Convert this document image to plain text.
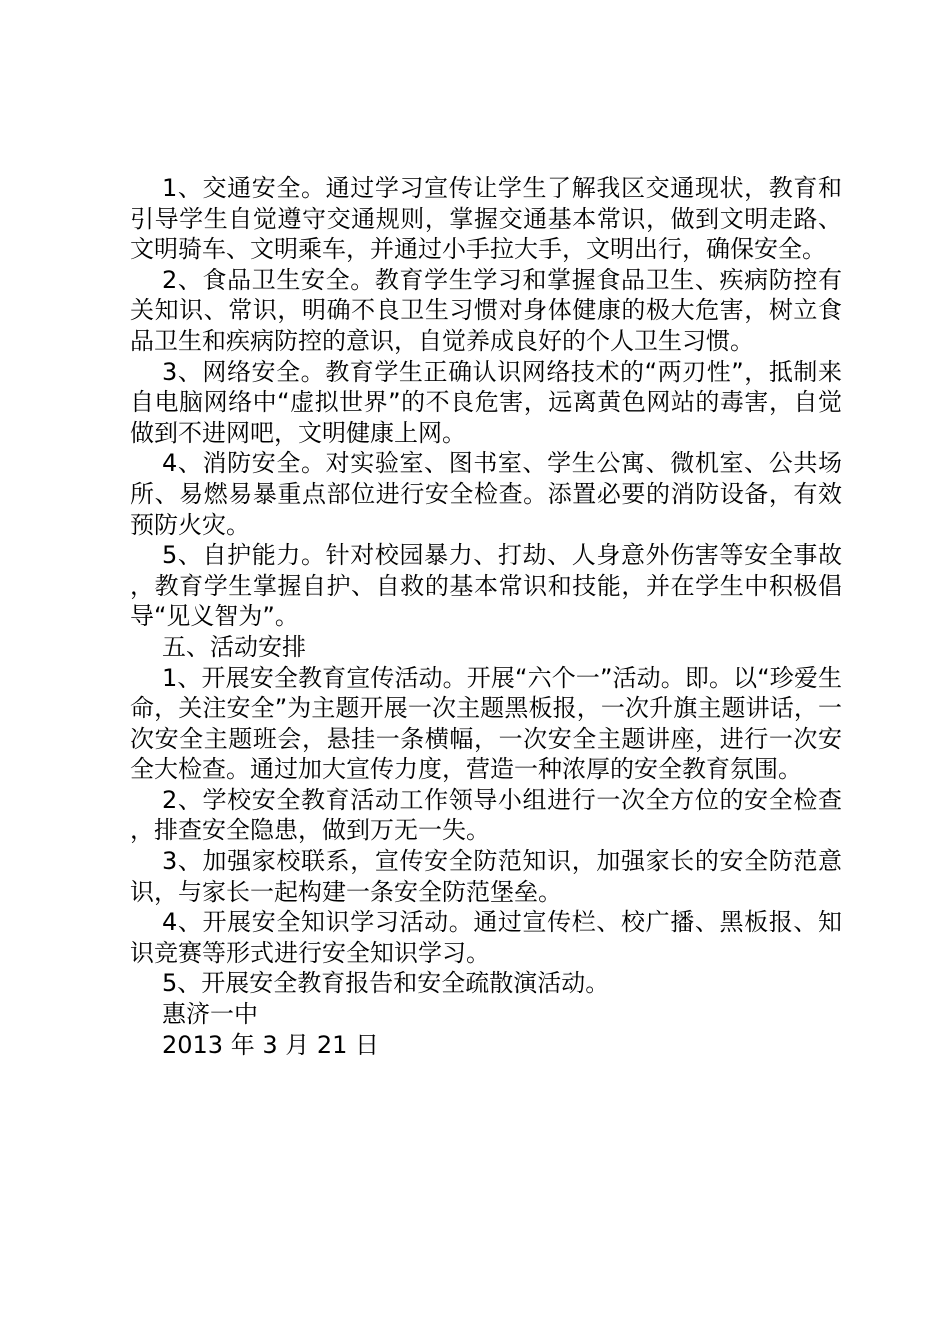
1、交通安全。通过学习宣传让学生了解我区交通现状，教育和引导学生自觉遵守交通规则，掌握交通基本常识，做到文明走路、文明骑车、文明乘车，并通过小手拉大手，文明出行，确保安全。

2、食品卫生安全。教育学生学习和掌握食品卫生、疾病防控有关知识、常识，明确不良卫生习惯对身体健康的极大危害，树立食品卫生和疾病防控的意识，自觉养成良好的个人卫生习惯。

3、网络安全。教育学生正确认识网络技术的“两刃性”，抵制来自电脑网络中“虚拟世界”的不良危害，远离黄色网站的毒害，自觉做到不进网吧，文明健康上网。

4、消防安全。对实验室、图书室、学生公寓、微机室、公共场所、易燃易暴重点部位进行安全检查。添置必要的消防设备，有效预防火灾。

5、自护能力。针对校园暴力、打劫、人身意外伤害等安全事故，教育学生掌握自护、自救的基本常识和技能，并在学生中积极倡导“见义智为”。

五、活动安排

1、开展安全教育宣传活动。开展“六个一”活动。即。以“珍爱生命，关注安全”为主题开展一次主题黑板报，一次升旗主题讲话，一次安全主题班会，悬挂一条横幅，一次安全主题讲座，进行一次安全大检查。通过加大宣传力度，营造一种浓厚的安全教育氛围。

2、学校安全教育活动工作领导小组进行一次全方位的安全检查，排查安全隐患，做到万无一失。

3、加强家校联系，宣传安全防范知识，加强家长的安全防范意识，与家长一起构建一条安全防范堡垒。

4、开展安全知识学习活动。通过宣传栏、校广播、黑板报、知识竞赛等形式进行安全知识学习。

5、开展安全教育报告和安全疏散演活动。

惠济一中

2013 年 3 月 21 日
